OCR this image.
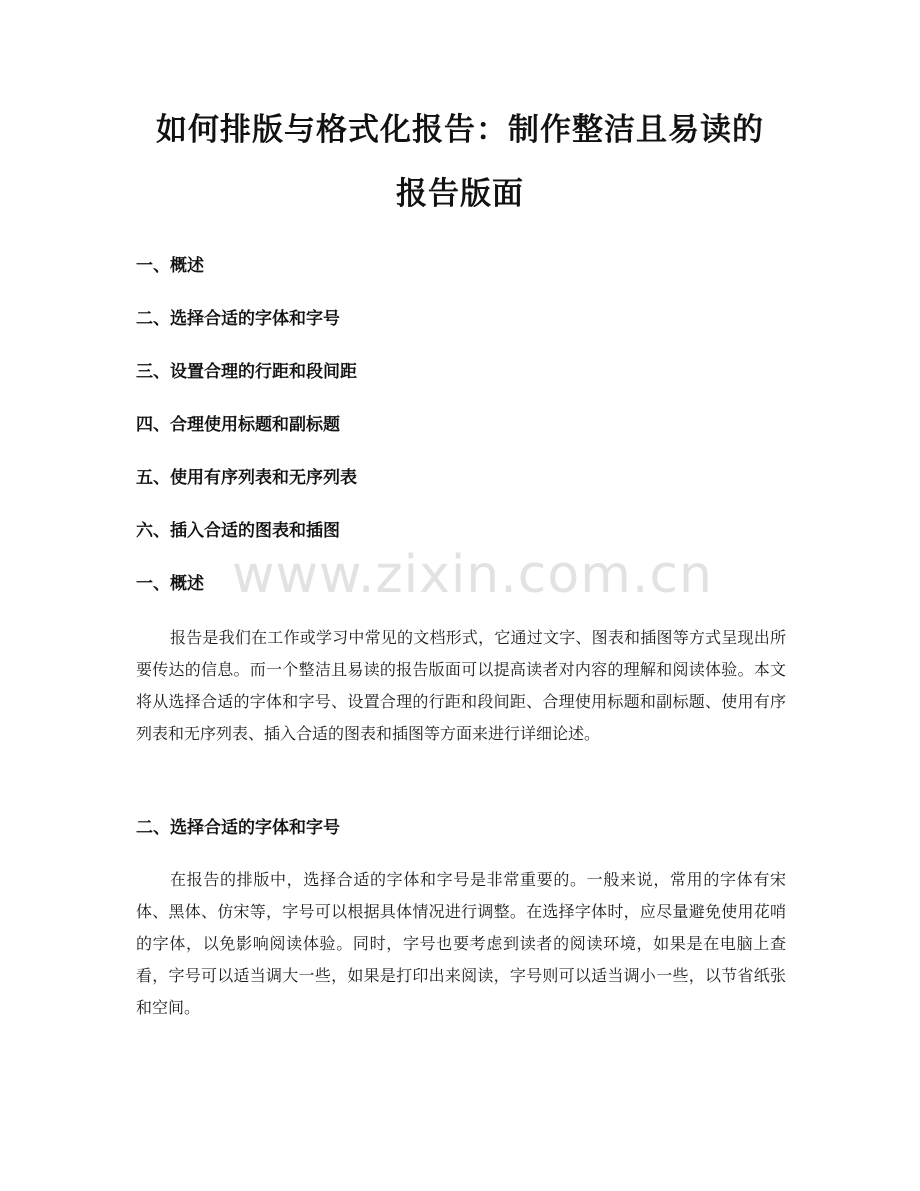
如何排版与格式化报告：制作整洁且易读的
报告版面
一、概述
二、选择合适的字体和字号
三、设置合理的行距和段间距
四、合理使用标题和副标题
五、使用有序列表和无序列表
六、插入合适的图表和插图
www.zixin.com.cn
一、概述

报告是我们在工作或学习中常见的文档形式，它通过文字、图表和插图等方式呈现出所要传达的信息。而一个整洁且易读的报告版面可以提高读者对内容的理解和阅读体验。本文将从选择合适的字体和字号、设置合理的行距和段间距、合理使用标题和副标题、使用有序列表和无序列表、插入合适的图表和插图等方面来进行详细论述。

二、选择合适的字体和字号

在报告的排版中，选择合适的字体和字号是非常重要的。一般来说，常用的字体有宋体、黑体、仿宋等，字号可以根据具体情况进行调整。在选择字体时，应尽量避免使用花哨的字体，以免影响阅读体验。同时，字号也要考虑到读者的阅读环境，如果是在电脑上查看，字号可以适当调大一些，如果是打印出来阅读，字号则可以适当调小一些，以节省纸张和空间。
